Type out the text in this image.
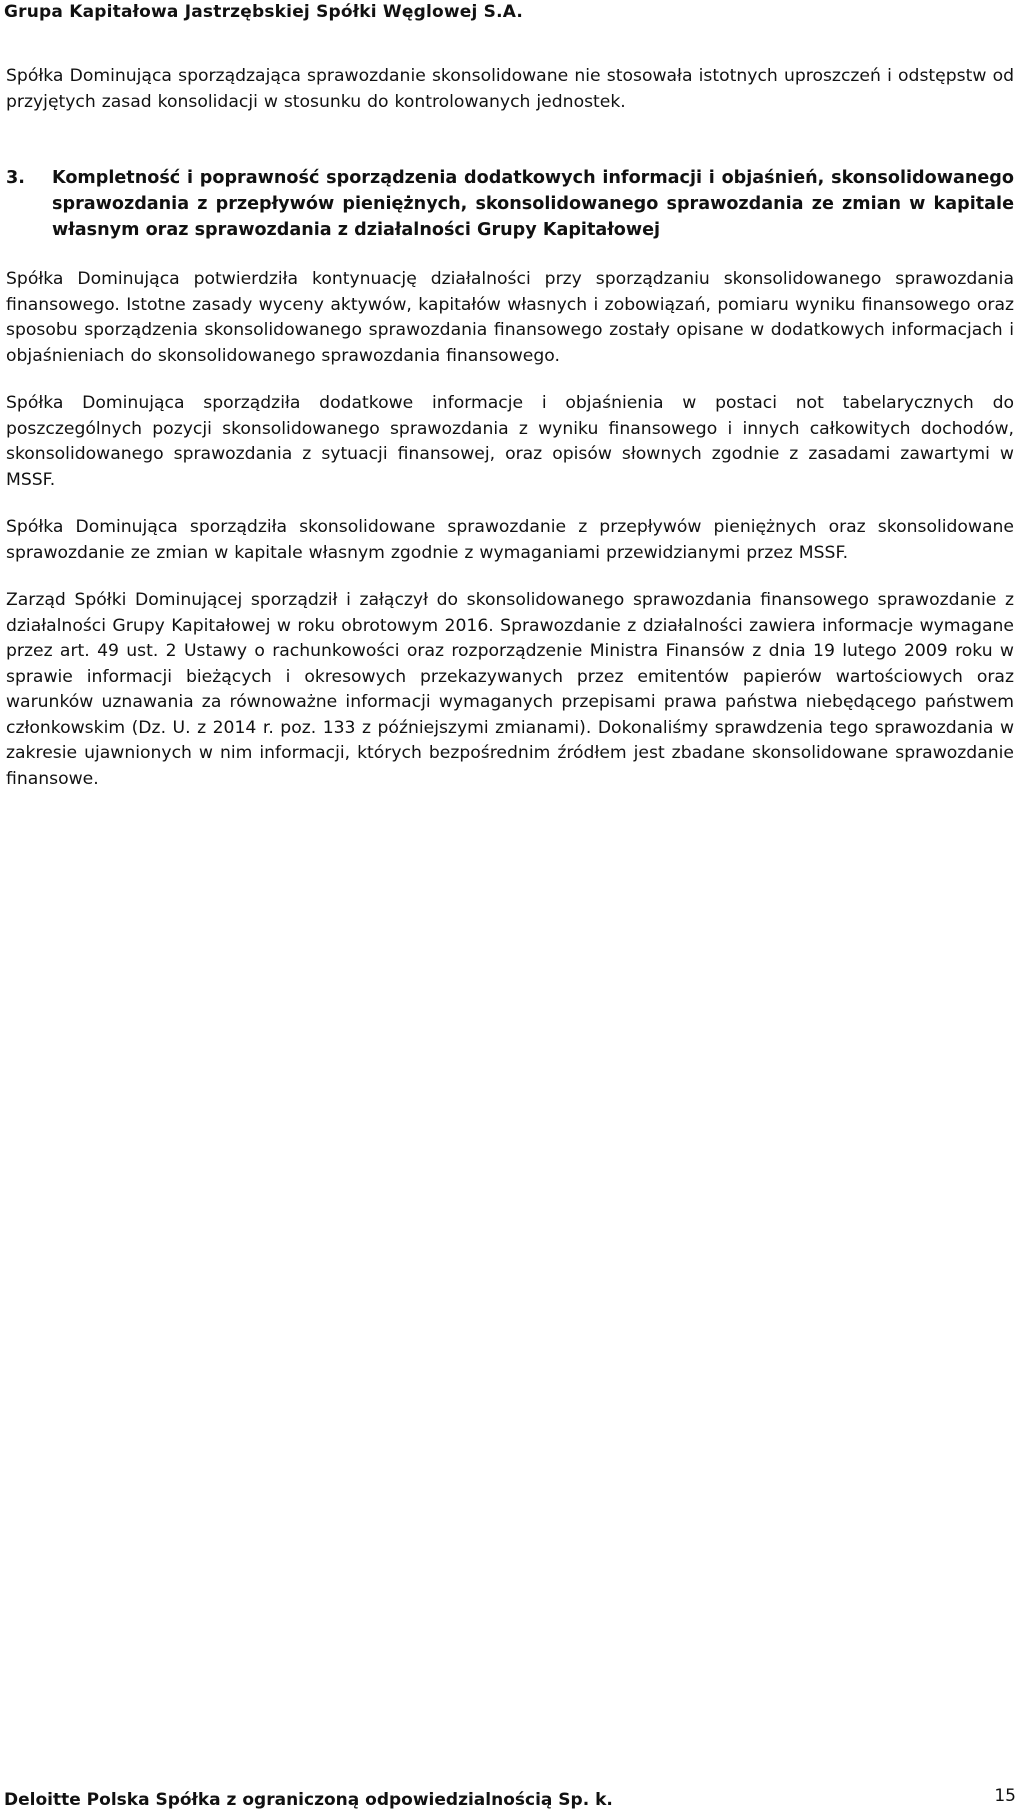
Grupa Kapitałowa Jastrzębskiej Spółki Węglowej S.A.

Spółka Dominująca sporządzająca sprawozdanie skonsolidowane nie stosowała istotnych uproszczeń i odstępstw od przyjętych zasad konsolidacji w stosunku do kontrolowanych jednostek.

3.	Kompletność i poprawność sporządzenia dodatkowych informacji i objaśnień, skonsolidowanego sprawozdania z przepływów pieniężnych, skonsolidowanego sprawozdania ze zmian w kapitale własnym oraz sprawozdania z działalności Grupy Kapitałowej

Spółka Dominująca potwierdziła kontynuację działalności przy sporządzaniu skonsolidowanego sprawozdania finansowego. Istotne zasady wyceny aktywów, kapitałów własnych i zobowiązań, pomiaru wyniku finansowego oraz sposobu sporządzenia skonsolidowanego sprawozdania finansowego zostały opisane w dodatkowych informacjach i objaśnieniach do skonsolidowanego sprawozdania finansowego.

Spółka Dominująca sporządziła dodatkowe informacje i objaśnienia w postaci not tabelarycznych do poszczególnych pozycji skonsolidowanego sprawozdania z wyniku finansowego i innych całkowitych dochodów, skonsolidowanego sprawozdania z sytuacji finansowej, oraz opisów słownych zgodnie z zasadami zawartymi w MSSF.

Spółka Dominująca sporządziła skonsolidowane sprawozdanie z przepływów pieniężnych oraz skonsolidowane sprawozdanie ze zmian w kapitale własnym zgodnie z wymaganiami przewidzianymi przez MSSF.

Zarząd Spółki Dominującej sporządził i załączył do skonsolidowanego sprawozdania finansowego sprawozdanie z działalności Grupy Kapitałowej w roku obrotowym 2016. Sprawozdanie z działalności zawiera informacje wymagane przez art. 49 ust. 2 Ustawy o rachunkowości oraz rozporządzenie Ministra Finansów z dnia 19 lutego 2009 roku w sprawie informacji bieżących i okresowych przekazywanych przez emitentów papierów wartościowych oraz warunków uznawania za równoważne informacji wymaganych przepisami prawa państwa niebędącego państwem członkowskim (Dz. U. z 2014 r. poz. 133 z późniejszymi zmianami). Dokonaliśmy sprawdzenia tego sprawozdania w zakresie ujawnionych w nim informacji, których bezpośrednim źródłem jest zbadane skonsolidowane sprawozdanie finansowe.

Deloitte Polska Spółka z ograniczoną odpowiedzialnością Sp. k.	15
